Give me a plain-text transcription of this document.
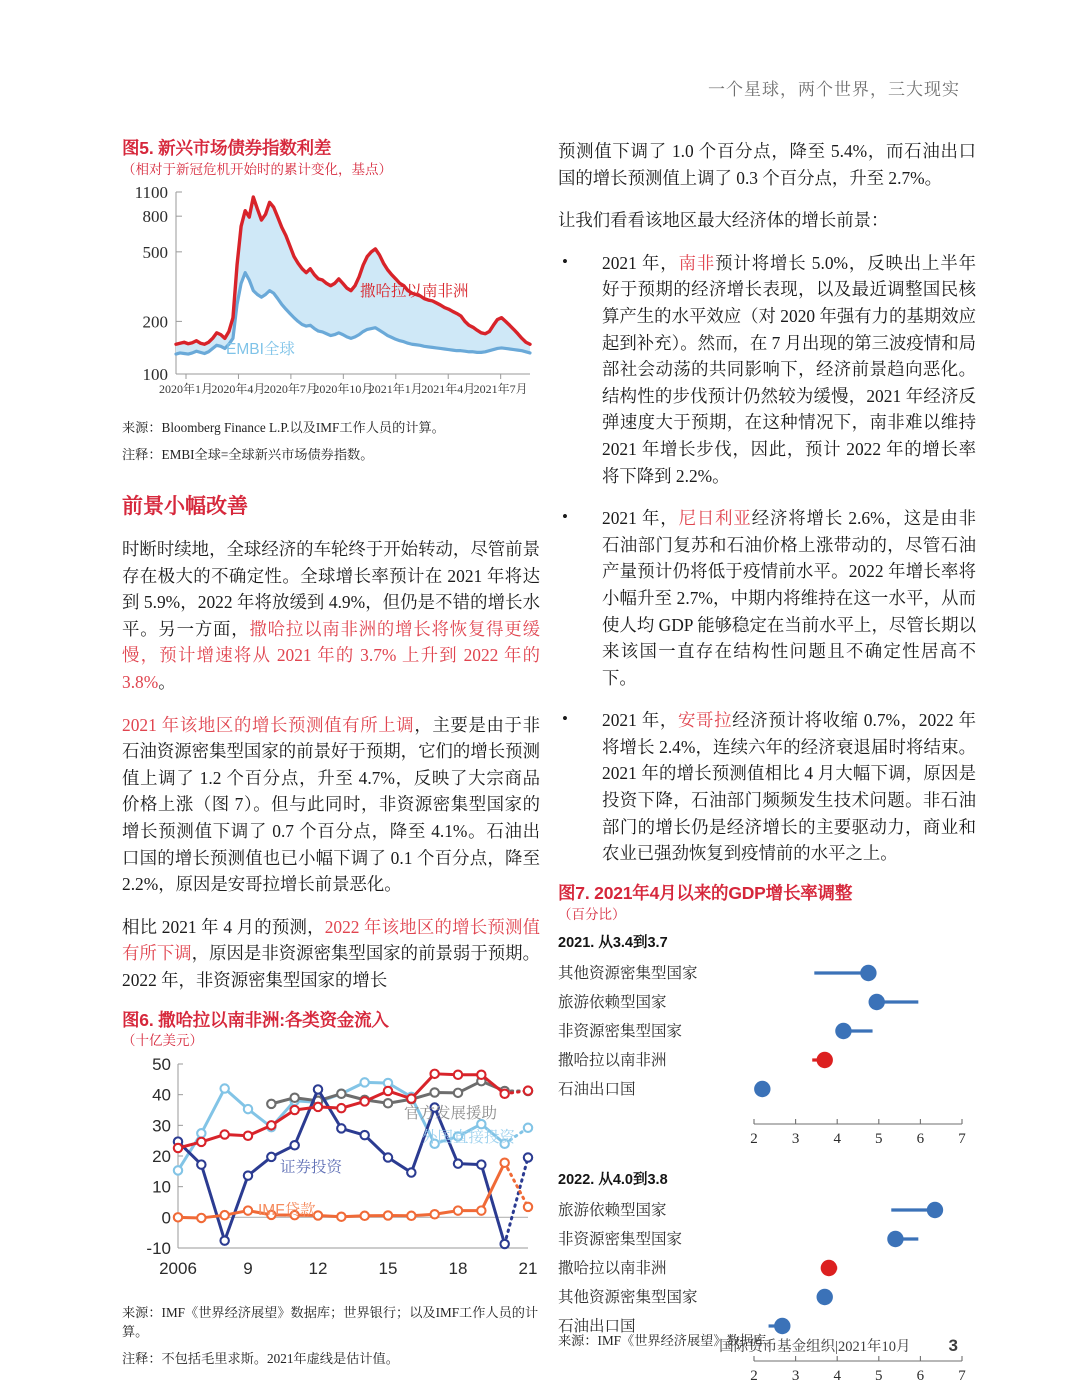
一个星球，两个世界，三大现实
图5. 新兴市场债券指数利差
（相对于新冠危机开始时的累计变化，基点）
100
200
500
800
1100
2020年1月
2020年4月
2020年7月
2020年10月
2021年1月
2021年4月
2021年7月
撒哈拉以南非洲
EMBI全球
来源：Bloomberg Finance L.P.以及IMF工作人员的计算。
注释：EMBI全球=全球新兴市场债券指数。
前景小幅改善

时断时续地，全球经济的车轮终于开始转动，尽管前景存在极大的不确定性。全球增长率预计在 2021 年将达到 5.9%，2022 年将放缓到 4.9%，但仍是不错的增长水平。另一方面，撒哈拉以南非洲的增长将恢复得更缓慢，预计增速将从 2021 年的 3.7% 上升到 2022 年的 3.8%。

2021 年该地区的增长预测值有所上调，主要是由于非石油资源密集型国家的前景好于预期，它们的增长预测值上调了 1.2 个百分点，升至 4.7%，反映了大宗商品价格上涨（图 7）。但与此同时，非资源密集型国家的增长预测值下调了 0.7 个百分点，降至 4.1%。石油出口国的增长预测值也已小幅下调了 0.1 个百分点，降至 2.2%，原因是安哥拉增长前景恶化。

相比 2021 年 4 月的预测，2022 年该地区的增长预测值有所下调，原因是非资源密集型国家的前景弱于预期。2022 年，非资源密集型国家的增长

图6. 撒哈拉以南非洲:各类资金流入
（十亿美元）
-10
0
10
20
30
40
50
2006	9	12	15	18	21
官方发展援助
外国直接投资
证券投资
IMF贷款
来源：IMF《世界经济展望》数据库；世界银行；以及IMF工作人员的计算。
注释：不包括毛里求斯。2021年虚线是估计值。

预测值下调了 1.0 个百分点，降至 5.4%，而石油出口国的增长预测值上调了 0.3 个百分点，升至 2.7%。

让我们看看该地区最大经济体的增长前景：

• 2021 年，南非预计将增长 5.0%，反映出上半年好于预期的经济增长表现，以及最近调整国民核算产生的水平效应（对 2020 年强有力的基期效应起到补充）。然而，在 7 月出现的第三波疫情和局部社会动荡的共同影响下，经济前景趋向恶化。结构性的步伐预计仍然较为缓慢，2021 年经济反弹速度大于预期，在这种情况下，南非难以维持 2021 年增长步伐，因此，预计 2022 年的增长率将下降到 2.2%。
• 2021 年，尼日利亚经济将增长 2.6%，这是由非石油部门复苏和石油价格上涨带动的，尽管石油产量预计仍将低于疫情前水平。2022 年增长率将小幅升至 2.7%，中期内将维持在这一水平，从而使人均 GDP 能够稳定在当前水平上，尽管长期以来该国一直存在结构性问题且不确定性居高不下。
• 2021 年，安哥拉经济预计将收缩 0.7%，2022 年将增长 2.4%，连续六年的经济衰退届时将结束。2021 年的增长预测值相比 4 月大幅下调，原因是投资下降，石油部门频频发生技术问题。非石油部门的增长仍是经济增长的主要驱动力，商业和农业已强劲恢复到疫情前的水平之上。
图7. 2021年4月以来的GDP增长率调整
（百分比）
2021. 从3.4到3.7
其他资源密集型国家
旅游依赖型国家
非资源密集型国家
撒哈拉以南非洲
石油出口国
2 3 4 5 6 7
2022. 从4.0到3.8
旅游依赖型国家
非资源密集型国家
撒哈拉以南非洲
其他资源密集型国家
石油出口国
2 3 4 5 6 7
来源：IMF《世界经济展望》数据库。
国际货币基金组织|2021年10月 3
